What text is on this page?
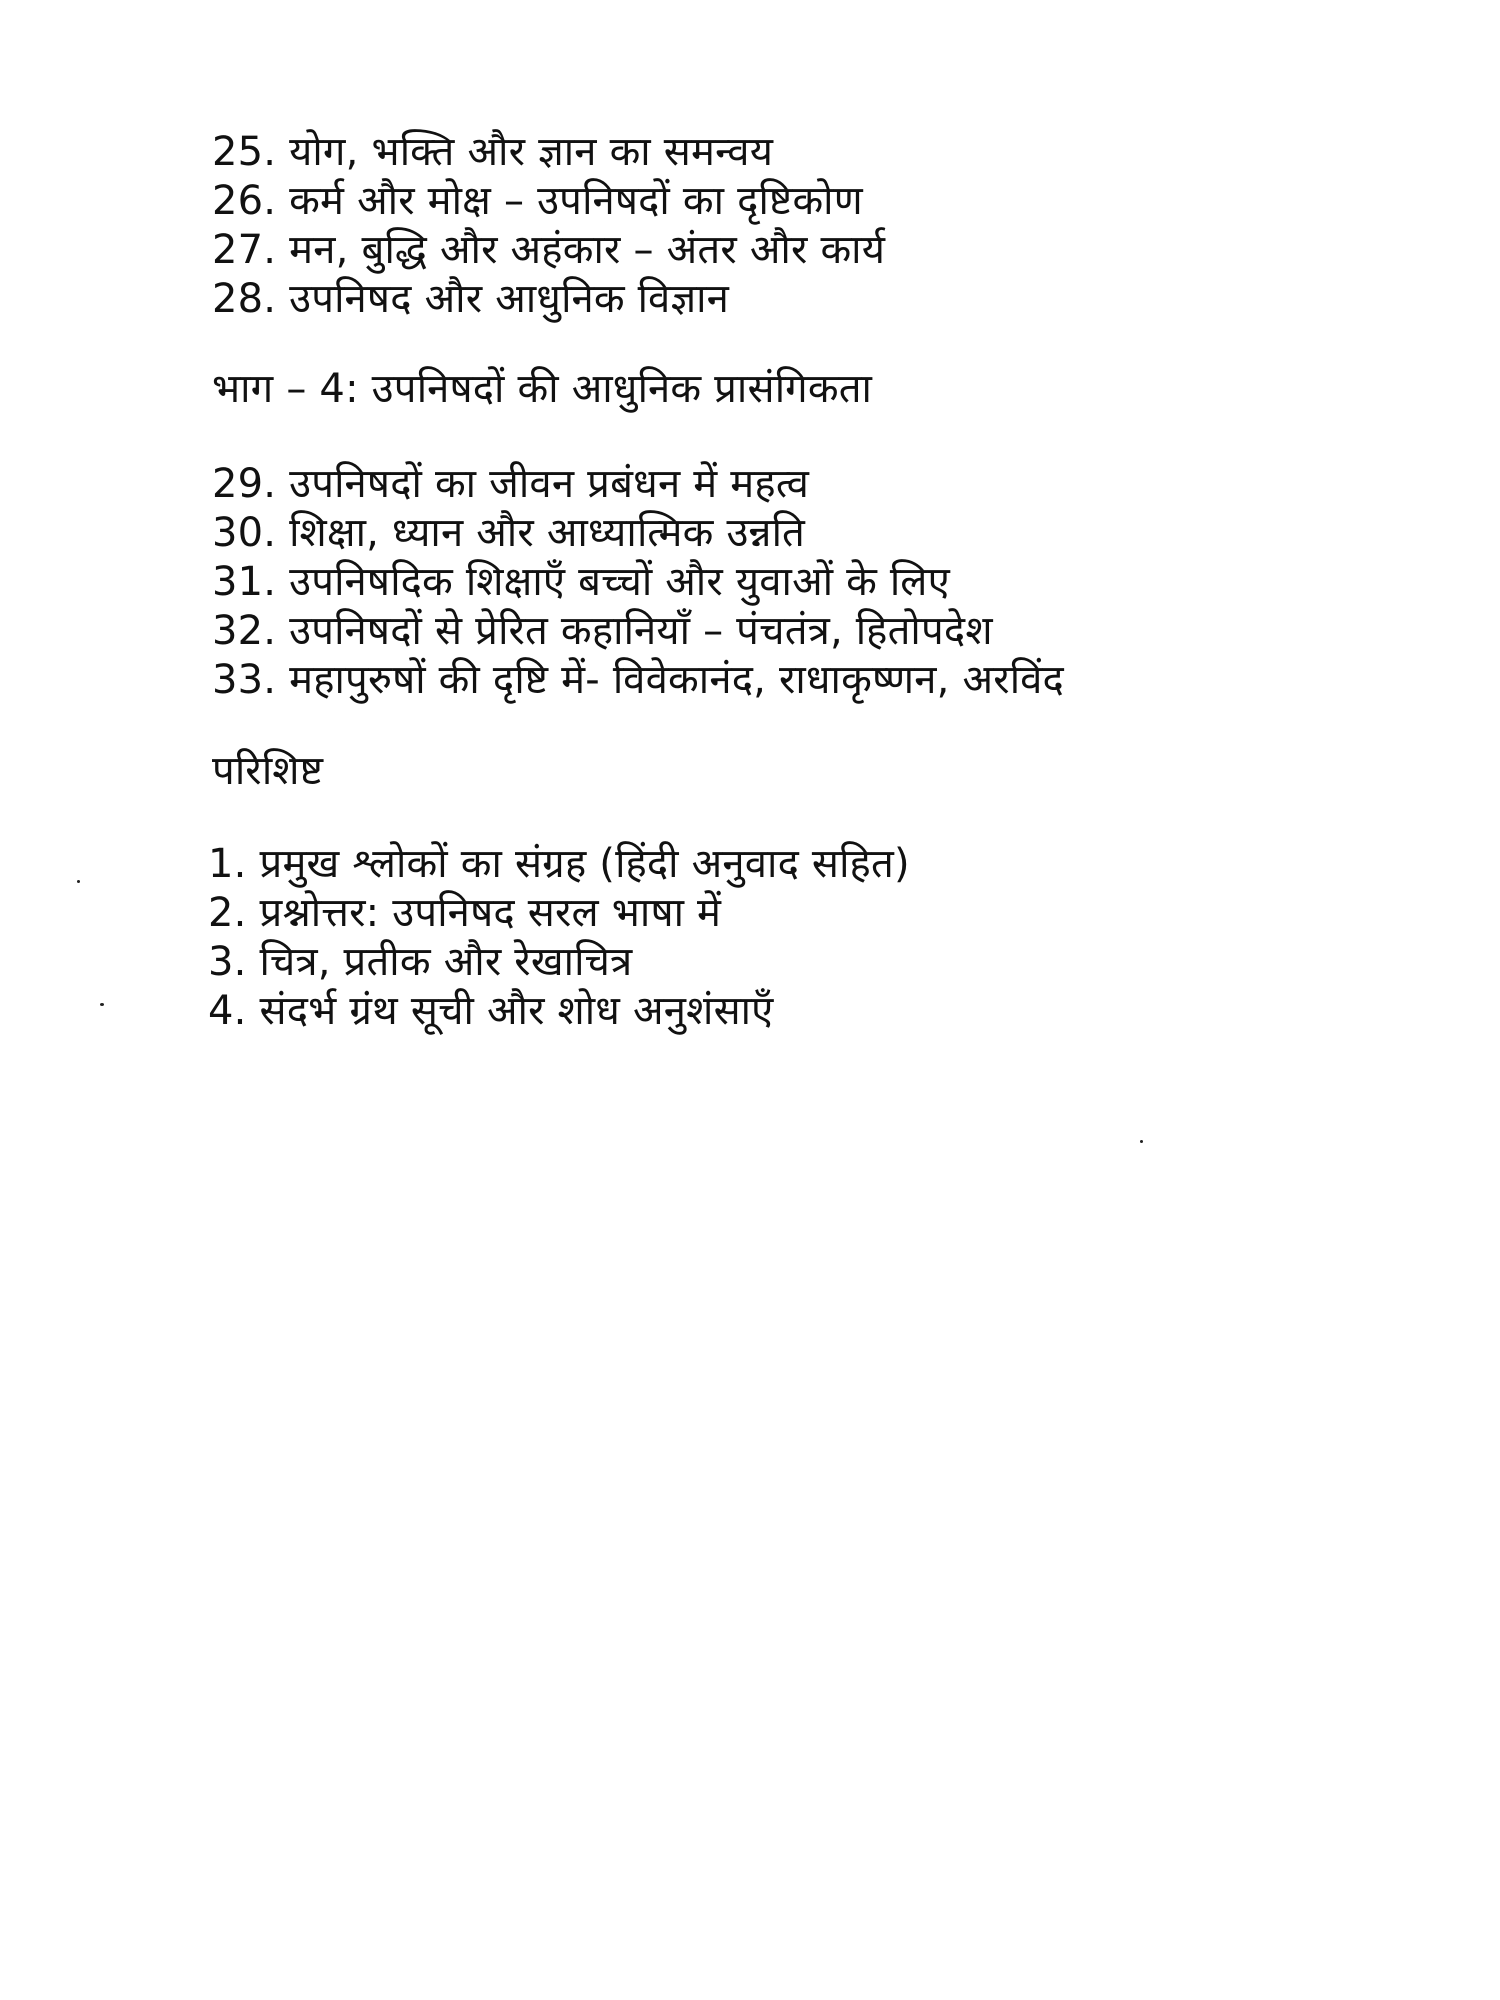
25. योग, भक्ति और ज्ञान का समन्वय
26. कर्म और मोक्ष – उपनिषदों का दृष्टिकोण
27. मन, बुद्धि और अहंकार – अंतर और कार्य
28. उपनिषद और आधुनिक विज्ञान
भाग – 4: उपनिषदों की आधुनिक प्रासंगिकता
29. उपनिषदों का जीवन प्रबंधन में महत्व
30. शिक्षा, ध्यान और आध्यात्मिक उन्नति
31. उपनिषदिक शिक्षाएँ बच्चों और युवाओं के लिए
32. उपनिषदों से प्रेरित कहानियाँ – पंचतंत्र, हितोपदेश
33. महापुरुषों की दृष्टि में- विवेकानंद, राधाकृष्णन, अरविंद
परिशिष्ट
1. प्रमुख श्लोकों का संग्रह (हिंदी अनुवाद सहित)
2. प्रश्नोत्तर: उपनिषद सरल भाषा में
3. चित्र, प्रतीक और रेखाचित्र
4. संदर्भ ग्रंथ सूची और शोध अनुशंसाएँ
